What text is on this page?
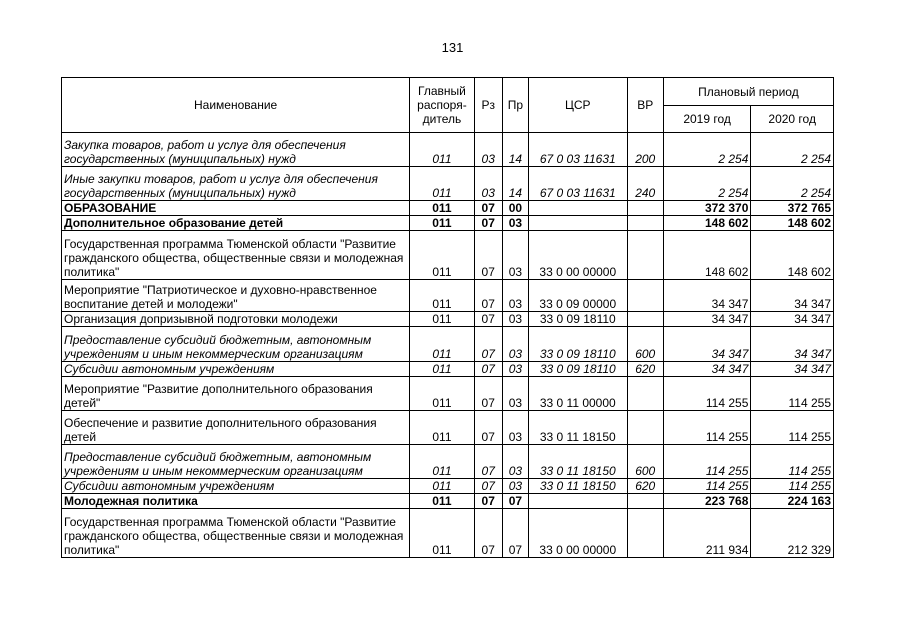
131
Наименование	Главный распоря-дитель	Рз	Пр	ЦСР	ВР	Плановый период	
						2019 год	2020 год
Закупка товаров, работ и услуг для обеспечения государственных (муниципальных) нужд	011	03	14	67 0 03 11631	200	2 254	2 254
Иные закупки товаров, работ и услуг для обеспечения государственных (муниципальных) нужд	011	03	14	67 0 03 11631	240	2 254	2 254
ОБРАЗОВАНИЕ	011	07	00			372 370	372 765
Дополнительное образование детей	011	07	03			148 602	148 602
Государственная программа Тюменской области "Развитие гражданского общества, общественные связи и молодежная политика"	011	07	03	33 0 00 00000		148 602	148 602
Мероприятие "Патриотическое и духовно-нравственное воспитание детей и молодежи"	011	07	03	33 0 09 00000		34 347	34 347
Организация допризывной подготовки молодежи	011	07	03	33 0 09 18110		34 347	34 347
Предоставление субсидий бюджетным, автономным учреждениям и иным некоммерческим организациям	011	07	03	33 0 09 18110	600	34 347	34 347
Субсидии автономным учреждениям	011	07	03	33 0 09 18110	620	34 347	34 347
Мероприятие "Развитие дополнительного образования детей"	011	07	03	33 0 11 00000		114 255	114 255
Обеспечение и развитие дополнительного образования детей	011	07	03	33 0 11 18150		114 255	114 255
Предоставление субсидий бюджетным, автономным учреждениям и иным некоммерческим организациям	011	07	03	33 0 11 18150	600	114 255	114 255
Субсидии автономным учреждениям	011	07	03	33 0 11 18150	620	114 255	114 255
Молодежная политика	011	07	07			223 768	224 163
Государственная программа Тюменской области "Развитие гражданского общества, общественные связи и молодежная политика"	011	07	07	33 0 00 00000		211 934	212 329
